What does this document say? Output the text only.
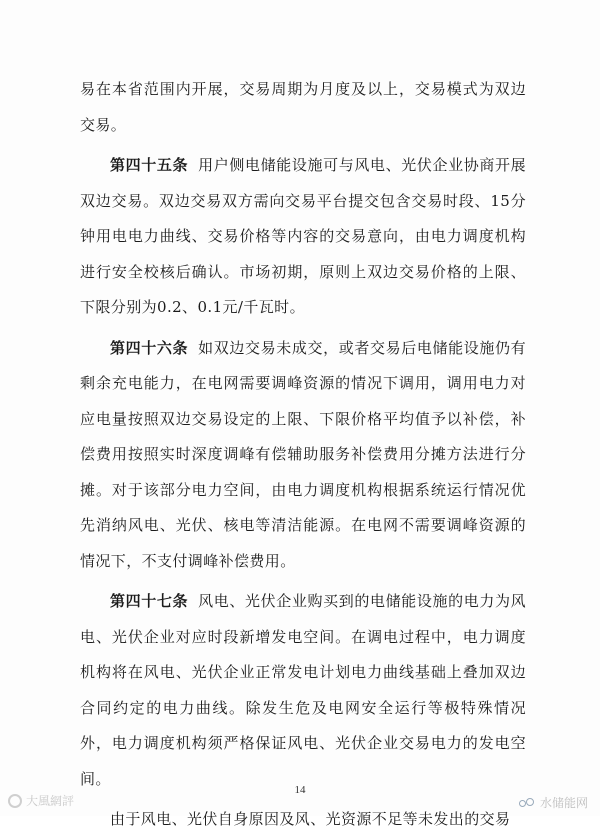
易在本省范围内开展，交易周期为月度及以上，交易模式为双边交易。

第四十五条 用户侧电储能设施可与风电、光伏企业协商开展双边交易。双边交易双方需向交易平台提交包含交易时段、15分钟用电电力曲线、交易价格等内容的交易意向，由电力调度机构进行安全校核后确认。市场初期，原则上双边交易价格的上限、下限分别为0.2、0.1元/千瓦时。

第四十六条 如双边交易未成交，或者交易后电储能设施仍有剩余充电能力，在电网需要调峰资源的情况下调用，调用电力对应电量按照双边交易设定的上限、下限价格平均值予以补偿，补偿费用按照实时深度调峰有偿辅助服务补偿费用分摊方法进行分摊。对于该部分电力空间，由电力调度机构根据系统运行情况优先消纳风电、光伏、核电等清洁能源。在电网不需要调峰资源的情况下，不支付调峰补偿费用。

第四十七条 风电、光伏企业购买到的电储能设施的电力为风电、光伏企业对应时段新增发电空间。在调电过程中，电力调度机构将在风电、光伏企业正常发电计划电力曲线基础上叠加双边合同约定的电力曲线。除发生危及电网安全运行等极特殊情况外，电力调度机构须严格保证风电、光伏企业交易电力的发电空间。

由于风电、光伏自身原因及风、光资源不足等未发出的交易

14
大風網評	水储能网
